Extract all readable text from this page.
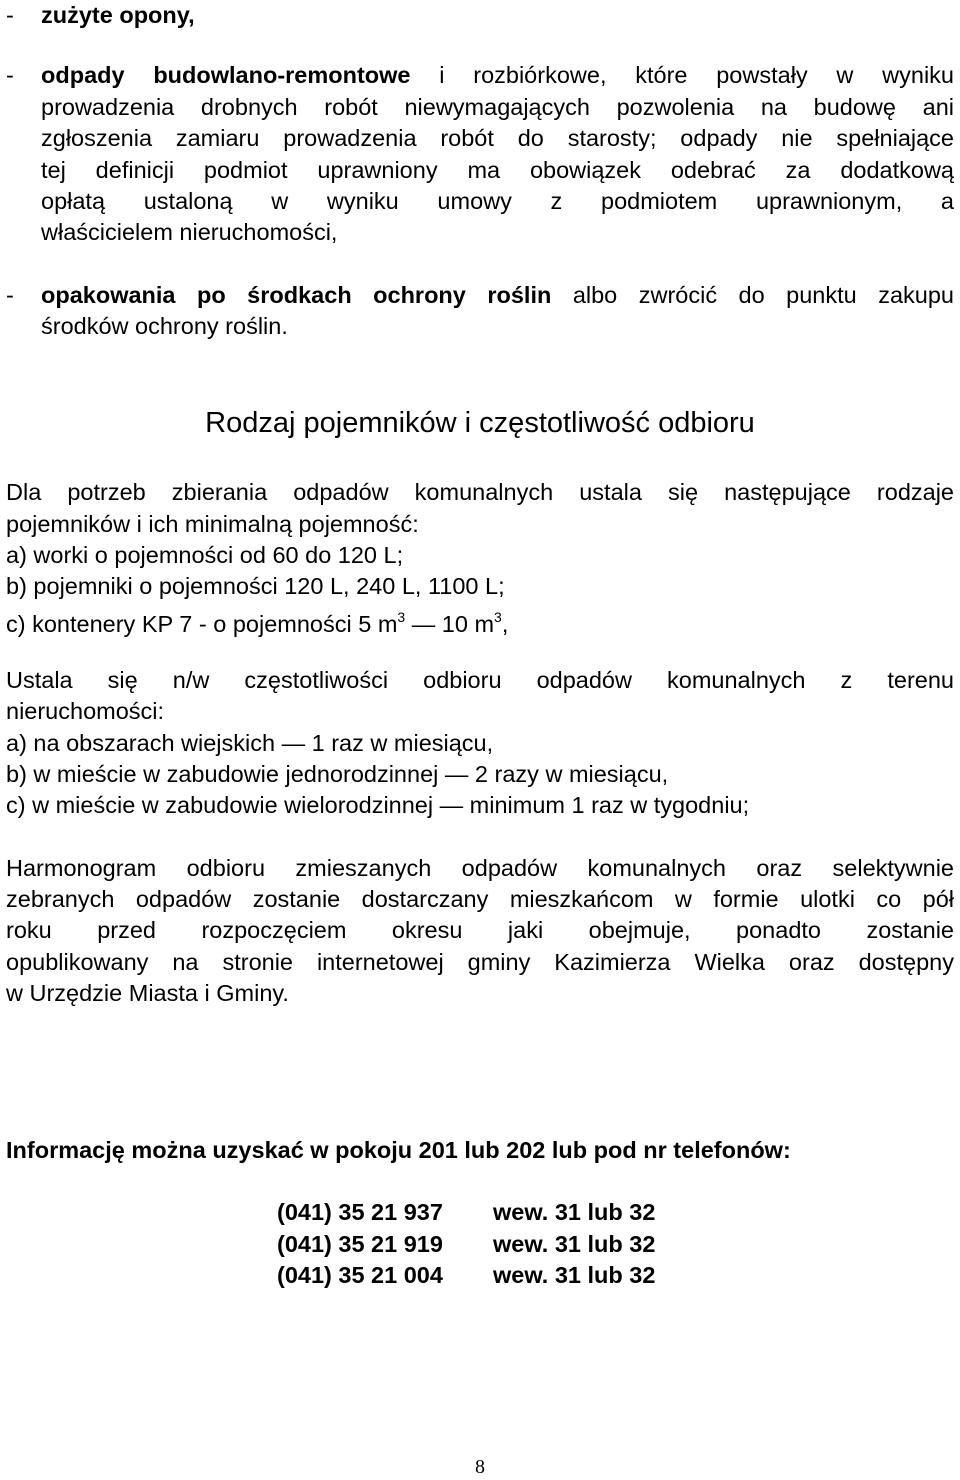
- zużyte opony,
- odpady budowlano-remontowe i rozbiórkowe, które powstały w wyniku
prowadzenia drobnych robót niewymagających pozwolenia na budowę ani
zgłoszenia zamiaru prowadzenia robót do starosty; odpady nie spełniające
tej definicji podmiot uprawniony ma obowiązek odebrać za dodatkową
opłatą ustaloną w wyniku umowy z podmiotem uprawnionym, a
właścicielem nieruchomości,
- opakowania po środkach ochrony roślin albo zwrócić do punktu zakupu
środków ochrony roślin.
Rodzaj pojemników i częstotliwość odbioru
Dla potrzeb zbierania odpadów komunalnych ustala się następujące rodzaje
pojemników i ich minimalną pojemność:
a) worki o pojemności od 60 do 120 L;
b) pojemniki o pojemności 120 L, 240 L, 1100 L;
c) kontenery KP 7 - o pojemności 5 $m^3$ — 10 $m^3$,
Ustala się n/w częstotliwości odbioru odpadów komunalnych z terenu
nieruchomości:
a) na obszarach wiejskich — 1 raz w miesiącu,
b) w mieście w zabudowie jednorodzinnej — 2 razy w miesiącu,
c) w mieście w zabudowie wielorodzinnej — minimum 1 raz w tygodniu;
Harmonogram odbioru zmieszanych odpadów komunalnych oraz selektywnie
zebranych odpadów zostanie dostarczany mieszkańcom w formie ulotki co pół
roku przed rozpoczęciem okresu jaki obejmuje, ponadto zostanie
opublikowany na stronie internetowej gminy Kazimierza Wielka oraz dostępny
w Urzędzie Miasta i Gminy.
Informację można uzyskać w pokoju 201 lub 202 lub pod nr telefonów:
(041) 35 21 937 wew. 31 lub 32
(041) 35 21 919 wew. 31 lub 32
(041) 35 21 004 wew. 31 lub 32
8
